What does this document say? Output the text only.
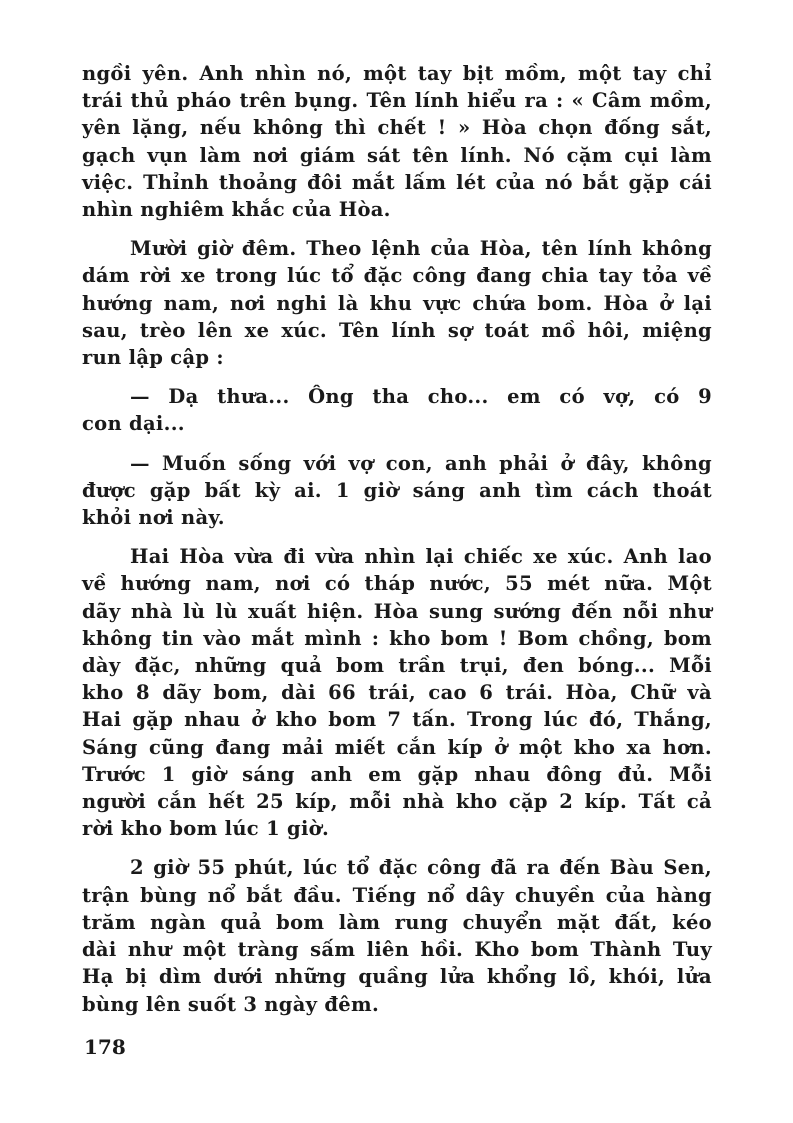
ngồi yên. Anh nhìn nó, một tay bịt mồm, một tay chỉ
trái thủ pháo trên bụng. Tên lính hiểu ra : « Câm mồm,
yên lặng, nếu không thì chết ! » Hòa chọn đống sắt,
gạch vụn làm nơi giám sát tên lính. Nó cặm cụi làm
việc. Thỉnh thoảng đôi mắt lấm lét của nó bắt gặp cái
nhìn nghiêm khắc của Hòa.
Mười giờ đêm. Theo lệnh của Hòa, tên lính không
dám rời xe trong lúc tổ đặc công đang chia tay tỏa về
hướng nam, nơi nghi là khu vực chứa bom. Hòa ở lại
sau, trèo lên xe xúc. Tên lính sợ toát mồ hôi, miệng
run lập cập :
— Dạ thưa... Ông tha cho... em có vợ, có 9
con dại...
— Muốn sống với vợ con, anh phải ở đây, không
được gặp bất kỳ ai. 1 giờ sáng anh tìm cách thoát
khỏi nơi này.
Hai Hòa vừa đi vừa nhìn lại chiếc xe xúc. Anh lao
về hướng nam, nơi có tháp nước, 55 mét nữa. Một
dãy nhà lù lù xuất hiện. Hòa sung sướng đến nỗi như
không tin vào mắt mình : kho bom ! Bom chồng, bom
dày đặc, những quả bom trần trụi, đen bóng... Mỗi
kho 8 dãy bom, dài 66 trái, cao 6 trái. Hòa, Chữ và
Hai gặp nhau ở kho bom 7 tấn. Trong lúc đó, Thắng,
Sáng cũng đang mải miết cắn kíp ở một kho xa hơn.
Trước 1 giờ sáng anh em gặp nhau đông đủ. Mỗi
người cắn hết 25 kíp, mỗi nhà kho cặp 2 kíp. Tất cả
rời kho bom lúc 1 giờ.
2 giờ 55 phút, lúc tổ đặc công đã ra đến Bàu Sen,
trận bùng nổ bắt đầu. Tiếng nổ dây chuyền của hàng
trăm ngàn quả bom làm rung chuyển mặt đất, kéo
dài như một tràng sấm liên hồi. Kho bom Thành Tuy
Hạ bị dìm dưới những quầng lửa khổng lồ, khói, lửa
bùng lên suốt 3 ngày đêm.
178
